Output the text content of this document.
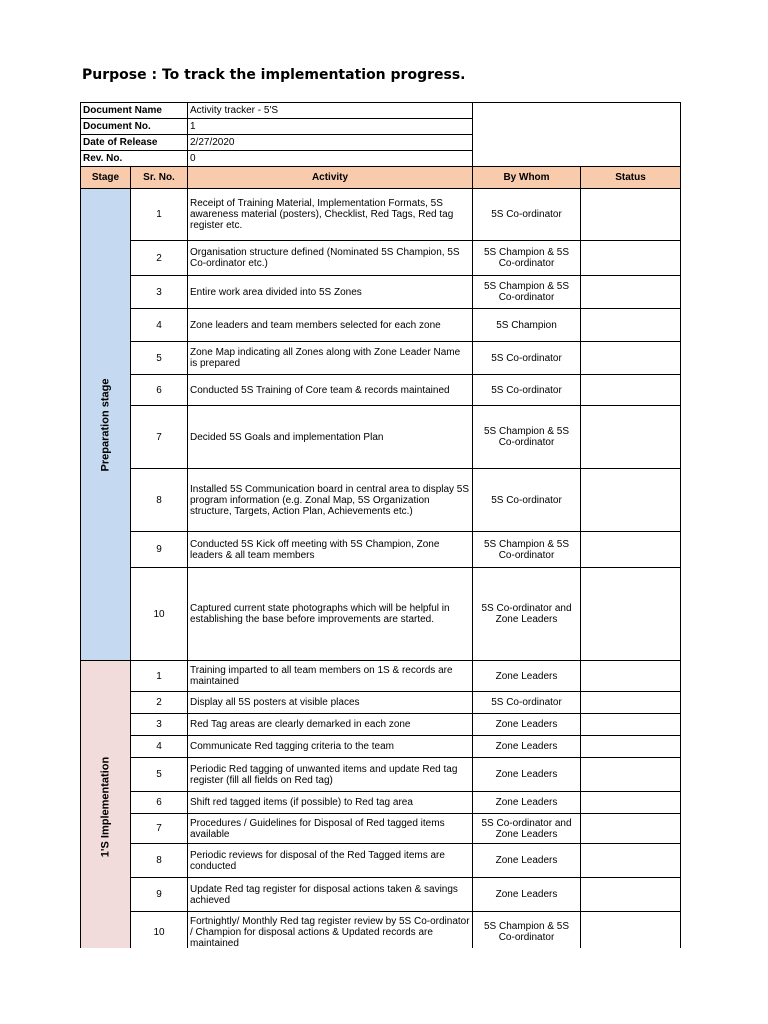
Purpose : To track the implementation progress.
Document Name		Activity tracker - 5'S		
Document No.		1		
Date of Release		2/27/2020		
Rev. No.		0		
Stage	Sr. No.	Activity	By Whom	Status

Preparation stage	1	Receipt of Training Material, Implementation Formats, 5S awareness material (posters), Checklist, Red Tags, Red tag register etc.	5S Co-ordinator	
	2	Organisation structure defined (Nominated 5S Champion, 5S Co-ordinator etc.)	5S Champion & 5S Co-ordinator	
	3	Entire work area divided into 5S Zones	5S Champion & 5S Co-ordinator	
	4	Zone leaders and team members selected for each zone	5S Champion	
	5	Zone Map indicating all Zones along with Zone Leader Name is prepared	5S Co-ordinator	
	6	Conducted 5S Training of Core team & records maintained	5S Co-ordinator	
	7	Decided 5S Goals and implementation Plan	5S Champion & 5S Co-ordinator	
	8	Installed 5S Communication board in central area to display 5S program information (e.g. Zonal Map, 5S Organization structure, Targets, Action Plan, Achievements etc.)	5S Co-ordinator	
	9	Conducted 5S Kick off meeting with 5S Champion, Zone leaders & all team members	5S Champion & 5S Co-ordinator	
	10	Captured current state photographs which will be helpful in establishing the base before improvements are started.	5S Co-ordinator and Zone Leaders	

1'S Implementation	1	Training imparted to all team members on 1S & records are maintained	Zone Leaders	
	2	Display all 5S posters at visible places	5S Co-ordinator	
	3	Red Tag areas are clearly demarked in each zone	Zone Leaders	
	4	Communicate Red tagging criteria to the team	Zone Leaders	
	5	Periodic Red tagging of unwanted items and update Red tag register (fill all fields on Red tag)	Zone Leaders	
	6	Shift red tagged items (if possible) to Red tag area	Zone Leaders	
	7	Procedures / Guidelines for Disposal of Red tagged items available	5S Co-ordinator and Zone Leaders	
	8	Periodic reviews for disposal of the Red Tagged items are conducted	Zone Leaders	
	9	Update Red tag register for disposal actions taken & savings achieved	Zone Leaders	
	10	Fortnightly/ Monthly Red tag register review by 5S Co-ordinator / Champion for disposal actions & Updated records are maintained	5S Champion & 5S Co-ordinator	
